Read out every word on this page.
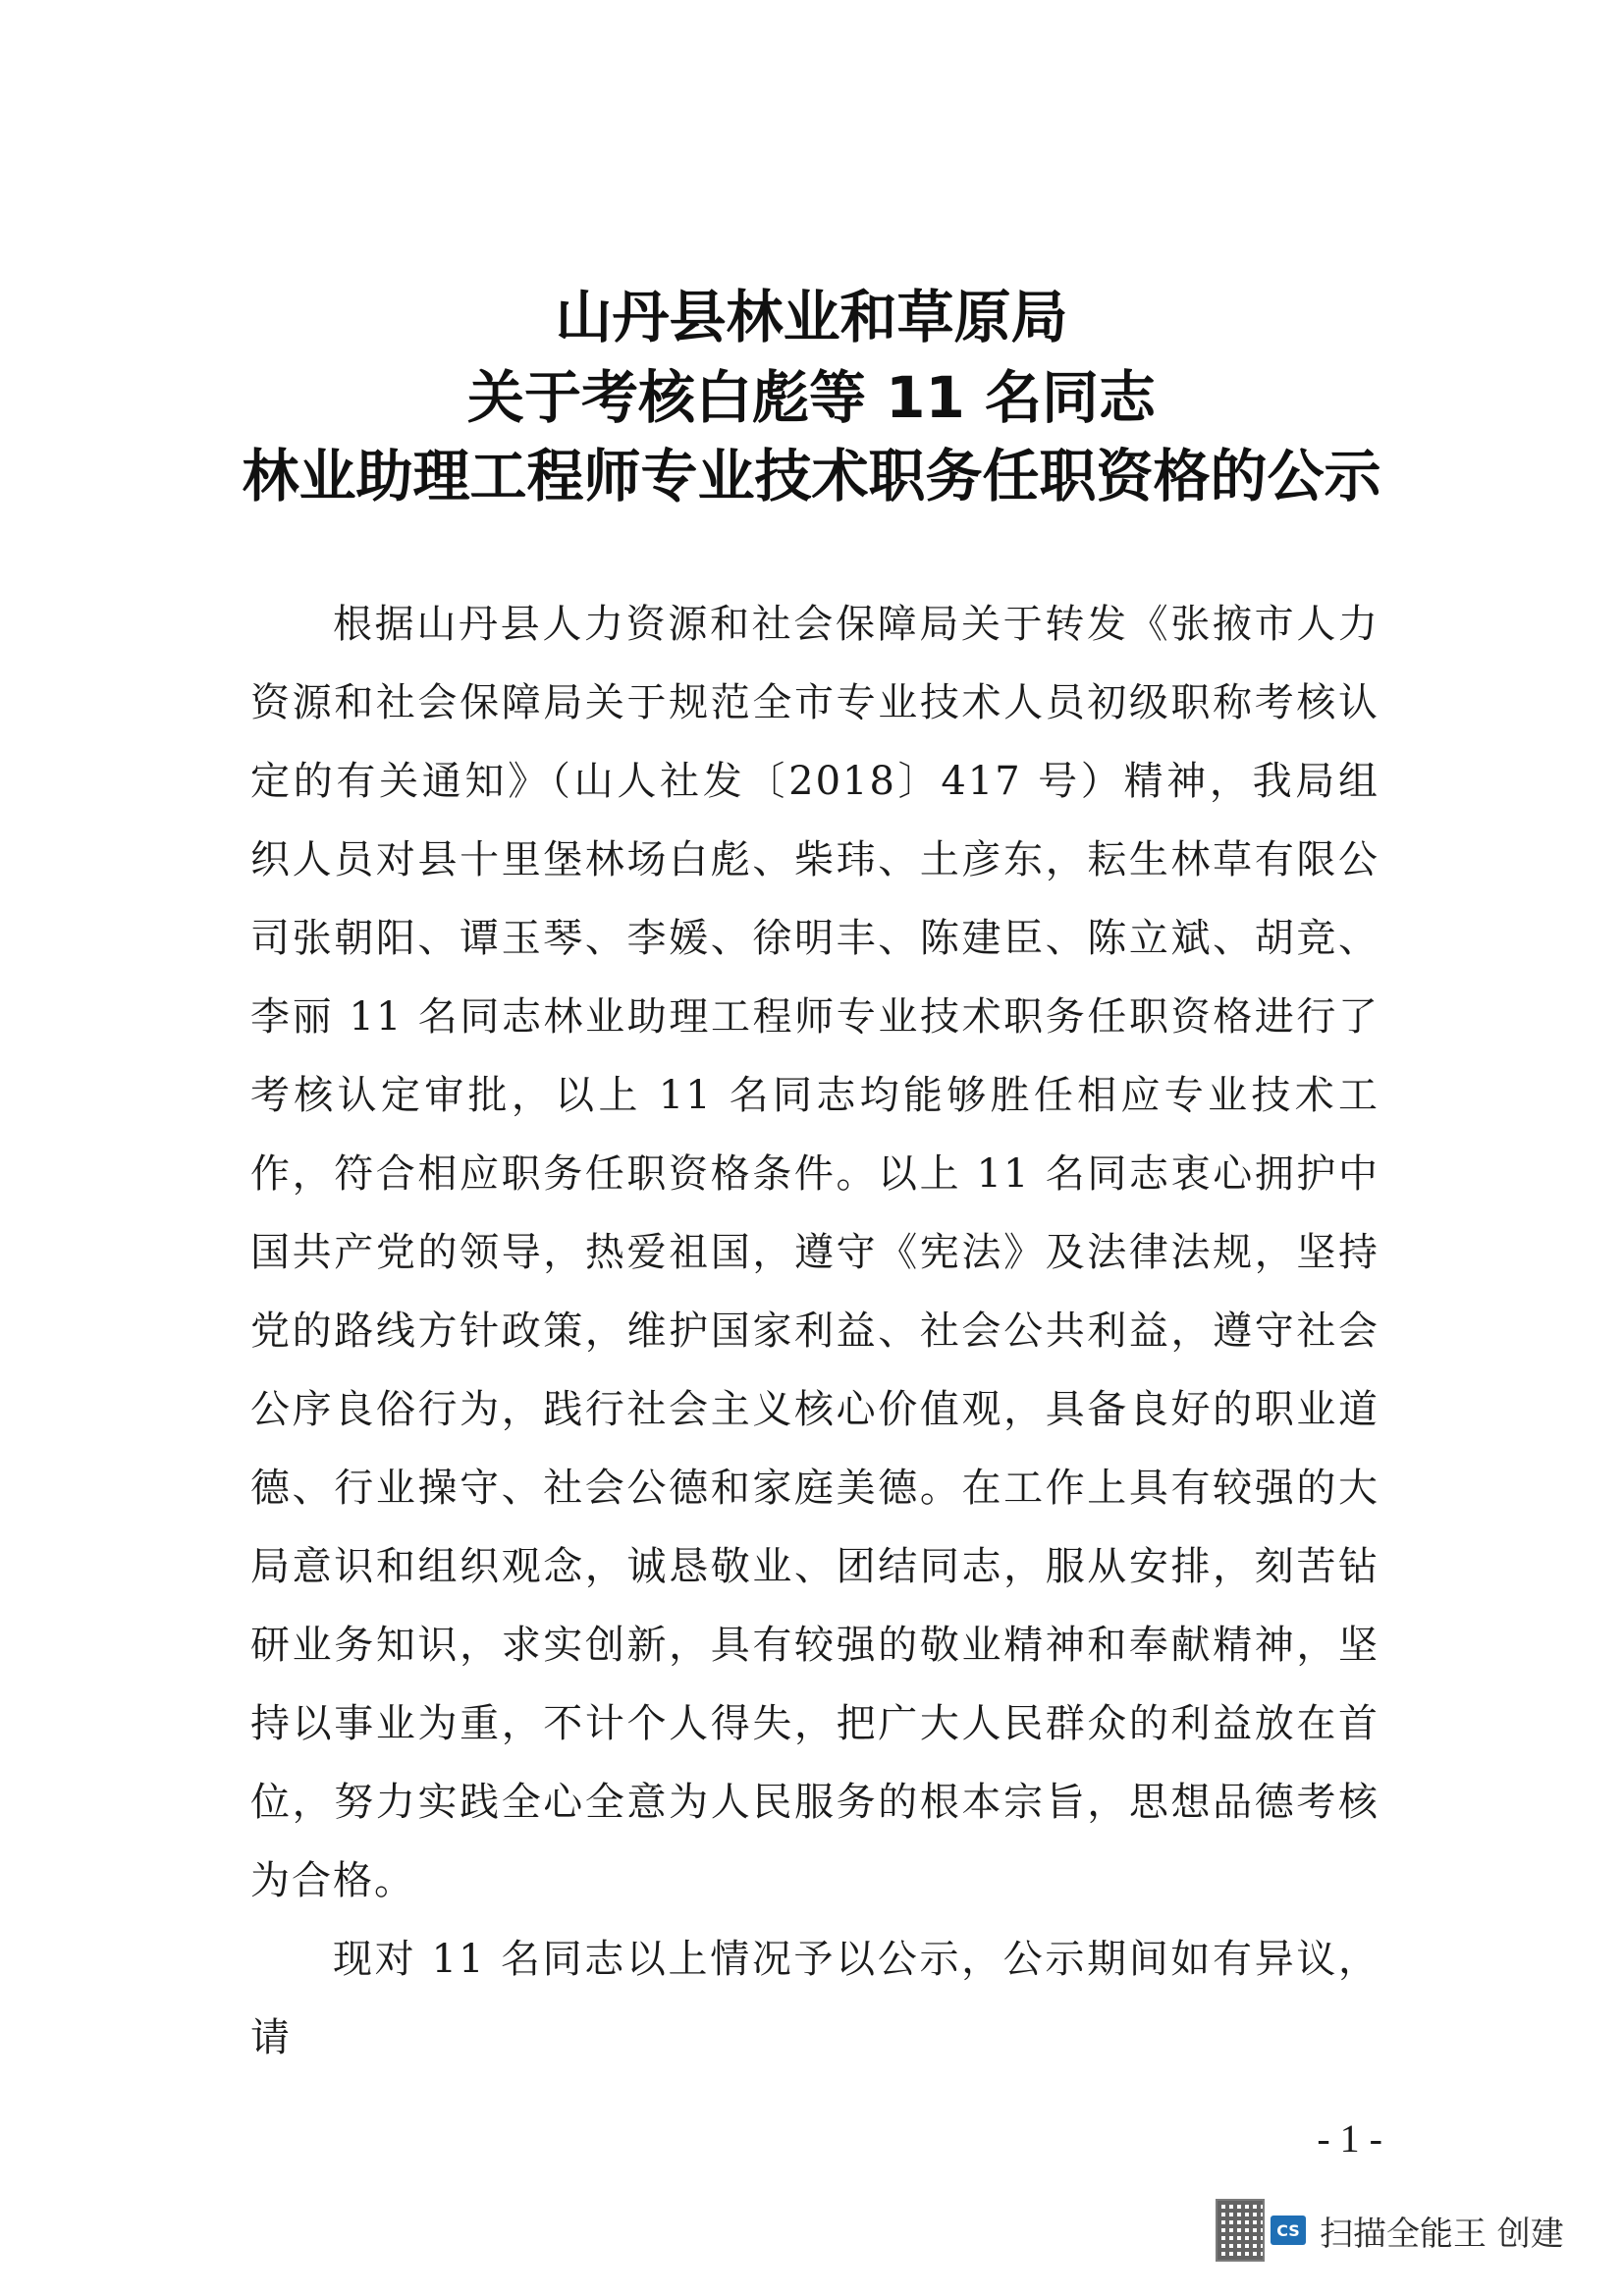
山丹县林业和草原局
关于考核白彪等 11 名同志
林业助理工程师专业技术职务任职资格的公示

根据山丹县人力资源和社会保障局关于转发《张掖市人力资源和社会保障局关于规范全市专业技术人员初级职称考核认定的有关通知》（山人社发〔2018〕417 号）精神，我局组织人员对县十里堡林场白彪、柴玮、土彦东，耘生林草有限公司张朝阳、谭玉琴、李媛、徐明丰、陈建臣、陈立斌、胡竞、李丽 11 名同志林业助理工程师专业技术职务任职资格进行了考核认定审批，以上 11 名同志均能够胜任相应专业技术工作，符合相应职务任职资格条件。以上 11 名同志衷心拥护中国共产党的领导，热爱祖国，遵守《宪法》及法律法规，坚持党的路线方针政策，维护国家利益、社会公共利益，遵守社会公序良俗行为，践行社会主义核心价值观，具备良好的职业道德、行业操守、社会公德和家庭美德。在工作上具有较强的大局意识和组织观念，诚恳敬业、团结同志，服从安排，刻苦钻研业务知识，求实创新，具有较强的敬业精神和奉献精神，坚持以事业为重，不计个人得失，把广大人民群众的利益放在首位，努力实践全心全意为人民服务的根本宗旨，思想品德考核为合格。

现对 11 名同志以上情况予以公示，公示期间如有异议，请

- 1 -
CS 扫描全能王 创建
